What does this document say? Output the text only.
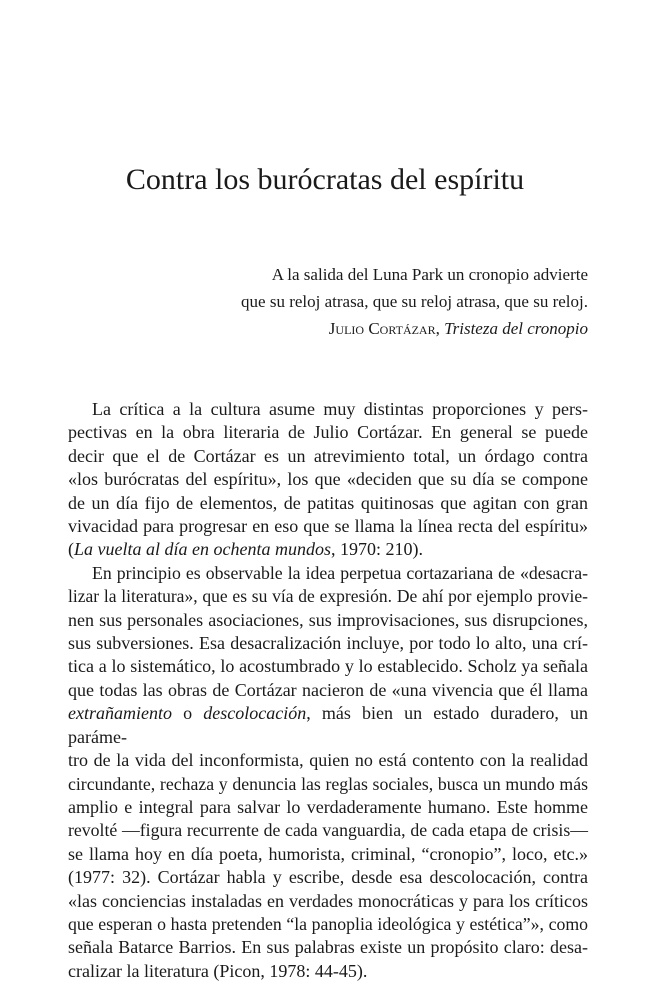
Contra los burócratas del espíritu
A la salida del Luna Park un cronopio advierte
que su reloj atrasa, que su reloj atrasa, que su reloj.
Julio Cortázar, Tristeza del cronopio
La crítica a la cultura asume muy distintas proporciones y pers-
pectivas en la obra literaria de Julio Cortázar. En general se puede
decir que el de Cortázar es un atrevimiento total, un órdago contra
«los burócratas del espíritu», los que «deciden que su día se compone
de un día fijo de elementos, de patitas quitinosas que agitan con gran
vivacidad para progresar en eso que se llama la línea recta del espíritu»
(La vuelta al día en ochenta mundos, 1970: 210).
En principio es observable la idea perpetua cortazariana de «desacra-
lizar la literatura», que es su vía de expresión. De ahí por ejemplo provie-
nen sus personales asociaciones, sus improvisaciones, sus disrupciones,
sus subversiones. Esa desacralización incluye, por todo lo alto, una crí-
tica a lo sistemático, lo acostumbrado y lo establecido. Scholz ya señala
que todas las obras de Cortázar nacieron de «una vivencia que él llama
extrañamiento o descolocación, más bien un estado duradero, un paráme-
tro de la vida del inconformista, quien no está contento con la realidad
circundante, rechaza y denuncia las reglas sociales, busca un mundo más
amplio e integral para salvar lo verdaderamente humano. Este homme
revolté —figura recurrente de cada vanguardia, de cada etapa de crisis—
se llama hoy en día poeta, humorista, criminal, “cronopio”, loco, etc.»
(1977: 32). Cortázar habla y escribe, desde esa descolocación, contra
«las conciencias instaladas en verdades monocráticas y para los críticos
que esperan o hasta pretenden “la panoplia ideológica y estética”», como
señala Batarce Barrios. En sus palabras existe un propósito claro: desa-
cralizar la literatura (Picon, 1978: 44-45).
